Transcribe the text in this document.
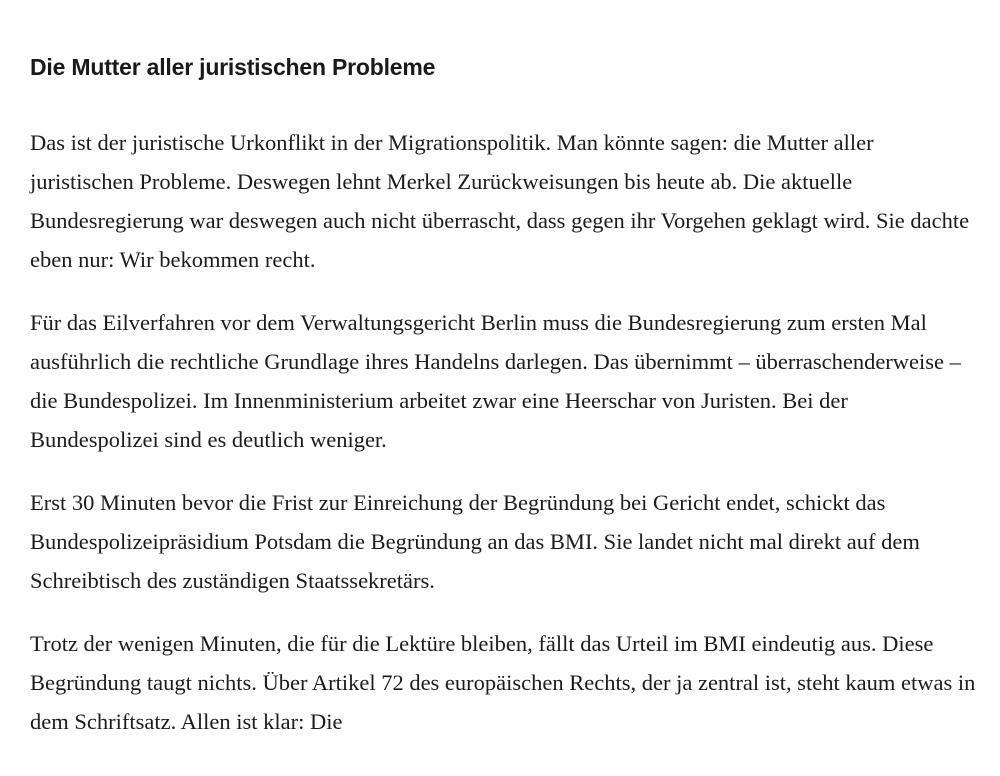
Die Mutter aller juristischen Probleme

Das ist der juristische Urkonflikt in der Migrationspolitik. Man könnte sagen: die Mutter aller juristischen Probleme. Deswegen lehnt Merkel Zurückweisungen bis heute ab. Die aktuelle Bundesregierung war deswegen auch nicht überrascht, dass gegen ihr Vorgehen geklagt wird. Sie dachte eben nur: Wir bekommen recht.

Für das Eilverfahren vor dem Verwaltungsgericht Berlin muss die Bundesregierung zum ersten Mal ausführlich die rechtliche Grundlage ihres Handelns darlegen. Das übernimmt – überraschenderweise – die Bundespolizei. Im Innenministerium arbeitet zwar eine Heerschar von Juristen. Bei der Bundespolizei sind es deutlich weniger.

Erst 30 Minuten bevor die Frist zur Einreichung der Begründung bei Gericht endet, schickt das Bundespolizeipräsidium Potsdam die Begründung an das BMI. Sie landet nicht mal direkt auf dem Schreibtisch des zuständigen Staatssekretärs.

Trotz der wenigen Minuten, die für die Lektüre bleiben, fällt das Urteil im BMI eindeutig aus. Diese Begründung taugt nichts. Über Artikel 72 des europäischen Rechts, der ja zentral ist, steht kaum etwas in dem Schriftsatz. Allen ist klar: Die
